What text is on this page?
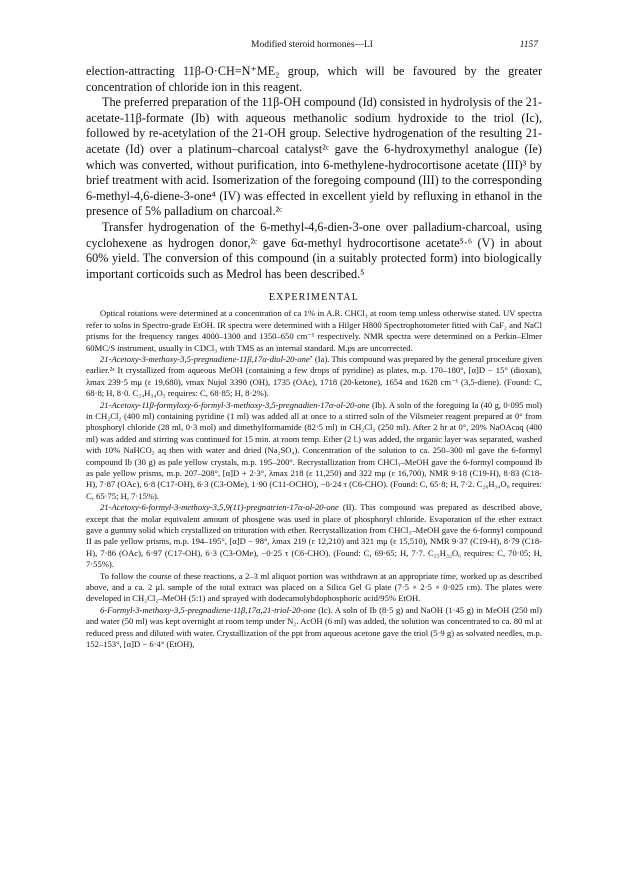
Modified steroid hormones—LI	1157

election-attracting 11β-O·CH=N⁺ME₂ group, which will be favoured by the greater concentration of chloride ion in this reagent.

The preferred preparation of the 11β-OH compound (Id) consisted in hydrolysis of the 21-acetate-11β-formate (Ib) with aqueous methanolic sodium hydroxide to the triol (Ic), followed by re-acetylation of the 21-OH group. Selective hydrogenation of the resulting 21-acetate (Id) over a platinum–charcoal catalyst²ᶜ gave the 6-hydroxymethyl analogue (Ie) which was converted, without purification, into 6-methylene-hydrocortisone acetate (III)³ by brief treatment with acid. Isomerization of the foregoing compound (III) to the corresponding 6-methyl-4,6-diene-3-one⁴ (IV) was effected in excellent yield by refluxing in ethanol in the presence of 5% palladium on charcoal.²ᶜ

Transfer hydrogenation of the 6-methyl-4,6-dien-3-one over palladium-charcoal, using cyclohexene as hydrogen donor,²ᶜ gave 6α-methyl hydrocortisone acetate⁵·⁶ (V) in about 60% yield. The conversion of this compound (in a suitably protected form) into biologically important corticoids such as Medrol has been described.⁵

EXPERIMENTAL

Optical rotations were determined at a concentration of ca 1% in A.R. CHCl₃ at room temp unless otherwise stated. UV spectra refer to solns in Spectro-grade EtOH. IR spectra were determined with a Hilger H800 Spectrophotometer fitted with CaF₂ and NaCl prisms for the frequency ranges 4000–1300 and 1350–650 cm⁻¹ respectively. NMR spectra were determined on a Perkin–Elmer 60MC/S instrument, usually in CDCl₃ with TMS as an internal standard. M.ps are uncorrected.

21-Acetoxy-3-methoxy-3,5-pregnadiene-11β,17α-diol-20-one⁷ (Ia). This compound was prepared by the general procedure given earlier.²ᵃ It crystallized from aqueous MeOH (containing a few drops of pyridine) as plates, m.p. 170–180°, [α]D − 15° (dioxan), λmax 239·5 mμ (ε 19,680), νmax Nujol 3390 (OH), 1735 (OAc), 1718 (20-ketone), 1654 and 1628 cm⁻¹ (3,5-diene). (Found: C, 68·8; H, 8·0. C₂₄H₃₄O₅ requires: C, 68·85; H, 8·2%).

21-Acetoxy-11β-formyloxy-6-formyl-3-methoxy-3,5-pregnadien-17α-ol-20-one (Ib). A soln of the foregoing Ia (40 g, 0·095 mol) in CH₂Cl₂ (400 ml) containing pyridine (1 ml) was added all at once to a stirred soln of the Vilsmeier reagent prepared at 0° from phosphoryl chloride (28 ml, 0·3 mol) and dimethylformamide (82·5 ml) in CH₂Cl₂ (250 ml). After 2 hr at 0°, 20% NaOAcaq (400 ml) was added and stirring was continued for 15 min. at room temp. Ether (2 l.) was added, the organic layer was separated, washed with 10% NaHCO₃ aq then with water and dried (Na₂SO₄). Concentration of the solution to ca. 250–300 ml gave the 6-formyl compound Ib (30 g) as pale yellow crystals, m.p. 195–200°. Recrystallization from CHCl₃–MeOH gave the 6-formyl compound Ib as pale yellow prisms, m.p. 207–208°, [α]D + 2·3°, λmax 218 (ε 11,250) and 322 mμ (ε 16,700), NMR 9·18 (C19-H), 8·83 (C18-H), 7·87 (OAc), 6·8 (C17-OH), 6·3 (C3-OMe), 1·90 (C11-OCHO), −0·24 τ (C6-CHO). (Found: C, 65·8; H, 7·2. C₂₆H₃₄O₈ requires: C, 65·75; H, 7·15%).

21-Acetoxy-6-formyl-3-methoxy-3,5,9(11)-pregnatrien-17α-ol-20-one (II). This compound was prepared as described above, except that the molar equivalent amount of phosgene was used in place of phosphoryl chloride. Evaporation of the ether extract gave a gummy solid which crystallized on trituration with ether. Recrystallization from CHCl₃–MeOH gave the 6-formyl compound II as pale yellow prisms, m.p. 194–195°, [α]D − 98°, λmax 219 (ε 12,210) and 321 mμ (ε 15,510), NMR 9·37 (C19-H), 8·79 (C18-H), 7·86 (OAc), 6·97 (C17-OH), 6·3 (C3-OMe), −0·25 τ (C6-CHO). (Found: C, 69·65; H, 7·7. C₂₅H₃₂O₆ requires: C, 70·05; H, 7·55%).

To follow the course of these reactions, a 2–3 ml aliquot portion was withdrawn at an appropriate time, worked up as described above, and a ca. 2 μl. sample of the total extract was placed on a Silica Gel G plate (7·5 × 2·5 × 0·025 cm). The plates were developed in CH₂Cl₂–MeOH (5:1) and sprayed with dodecamolybdophosphoric acid/95% EtOH.

6-Formyl-3-methoxy-3,5-pregnadiene-11β,17α,21-triol-20-one (Ic). A soln of Ib (8·5 g) and NaOH (1·45 g) in MeOH (250 ml) and water (50 ml) was kept overnight at room temp under N₂. AcOH (6 ml) was added, the solution was concentrated to ca. 80 ml at reduced press and diluted with water. Crystallization of the ppt from aqueous acetone gave the triol (5·9 g) as solvated needles, m.p. 152–153°, [α]D − 6·4° (EtOH),
